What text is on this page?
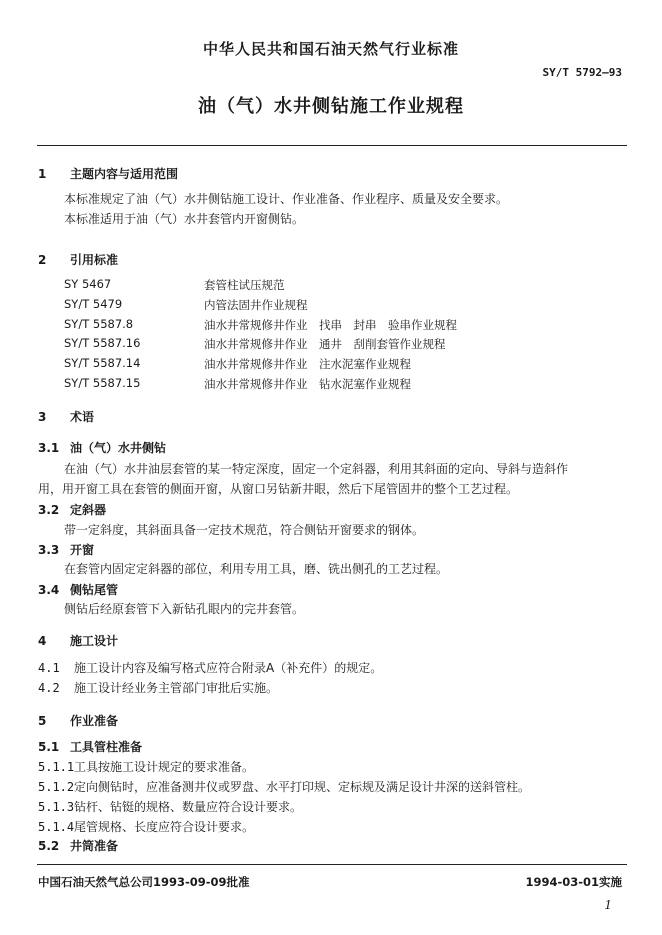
中华人民共和国石油天然气行业标准
SY/T 5792—93
油（气）水井侧钻施工作业规程
1 主题内容与适用范围
本标准规定了油（气）水井侧钻施工设计、作业准备、作业程序、质量及安全要求。
本标准适用于油（气）水井套管内开窗侧钻。
2 引用标准
SY 5467	套管柱试压规范
SY/T 5479	内管法固井作业规程
SY/T 5587.8	油水井常规修井作业　找串　封串　验串作业规程
SY/T 5587.16	油水井常规修井作业　通井　刮削套管作业规程
SY/T 5587.14	油水井常规修井作业　注水泥塞作业规程
SY/T 5587.15	油水井常规修井作业　钻水泥塞作业规程
3 术语
3.1 油（气）水井侧钻
在油（气）水井油层套管的某一特定深度，固定一个定斜器，利用其斜面的定向、导斜与造斜作
用，用开窗工具在套管的侧面开窗，从窗口另钻新井眼，然后下尾管固井的整个工艺过程。
3.2 定斜器
带一定斜度，其斜面具备一定技术规范，符合侧钻开窗要求的钢体。
3.3 开窗
在套管内固定定斜器的部位，利用专用工具，磨、铣出侧孔的工艺过程。
3.4 侧钻尾管
侧钻后经原套管下入新钻孔眼内的完井套管。
4 施工设计
4.1 施工设计内容及编写格式应符合附录A（补充件）的规定。
4.2 施工设计经业务主管部门审批后实施。
5 作业准备
5.1 工具管柱准备
5.1.1工具按施工设计规定的要求准备。
5.1.2定向侧钻时，应准备测井仪或罗盘、水平打印规、定标规及满足设计井深的送斜管柱。
5.1.3钻杆、钻铤的规格、数量应符合设计要求。
5.1.4尾管规格、长度应符合设计要求。
5.2 井筒准备
中国石油天然气总公司1993-09-09批准	1994-03-01实施
1
